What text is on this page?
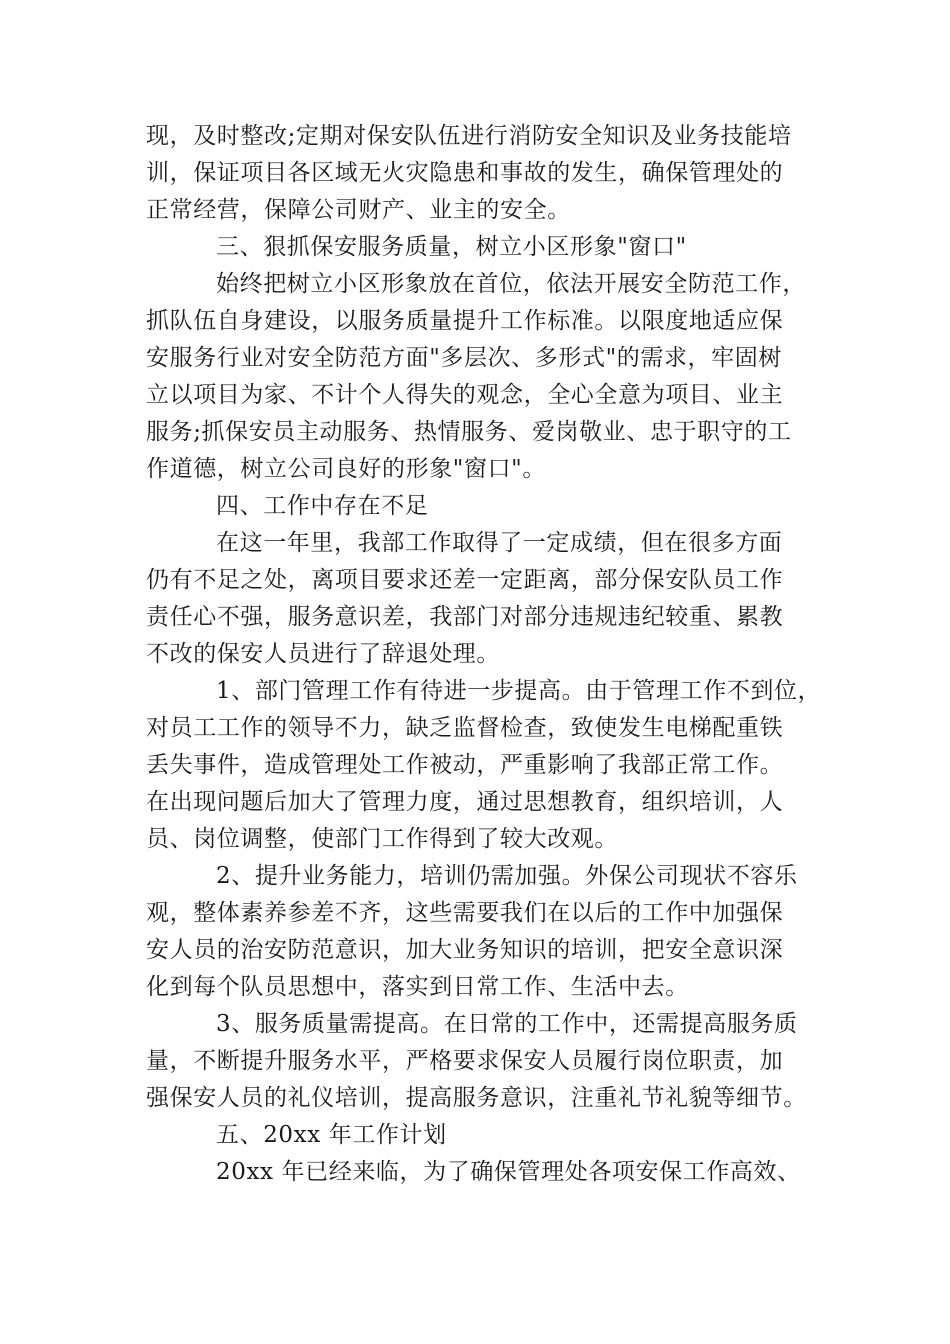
现，及时整改;定期对保安队伍进行消防安全知识及业务技能培
训，保证项目各区域无火灾隐患和事故的发生，确保管理处的
正常经营，保障公司财产、业主的安全。
三、狠抓保安服务质量，树立小区形象"窗口"
始终把树立小区形象放在首位，依法开展安全防范工作，
抓队伍自身建设，以服务质量提升工作标准。以限度地适应保
安服务行业对安全防范方面"多层次、多形式"的需求，牢固树
立以项目为家、不计个人得失的观念，全心全意为项目、业主
服务;抓保安员主动服务、热情服务、爱岗敬业、忠于职守的工
作道德，树立公司良好的形象"窗口"。
四、工作中存在不足
在这一年里，我部工作取得了一定成绩，但在很多方面
仍有不足之处，离项目要求还差一定距离，部分保安队员工作
责任心不强，服务意识差，我部门对部分违规违纪较重、累教
不改的保安人员进行了辞退处理。
1、部门管理工作有待进一步提高。由于管理工作不到位，
对员工工作的领导不力，缺乏监督检查，致使发生电梯配重铁
丢失事件，造成管理处工作被动，严重影响了我部正常工作。
在出现问题后加大了管理力度，通过思想教育，组织培训，人
员、岗位调整，使部门工作得到了较大改观。
2、提升业务能力，培训仍需加强。外保公司现状不容乐
观，整体素养参差不齐，这些需要我们在以后的工作中加强保
安人员的治安防范意识，加大业务知识的培训，把安全意识深
化到每个队员思想中，落实到日常工作、生活中去。
3、服务质量需提高。在日常的工作中，还需提高服务质
量，不断提升服务水平，严格要求保安人员履行岗位职责，加
强保安人员的礼仪培训，提高服务意识，注重礼节礼貌等细节。
五、20xx 年工作计划
20xx 年已经来临，为了确保管理处各项安保工作高效、
